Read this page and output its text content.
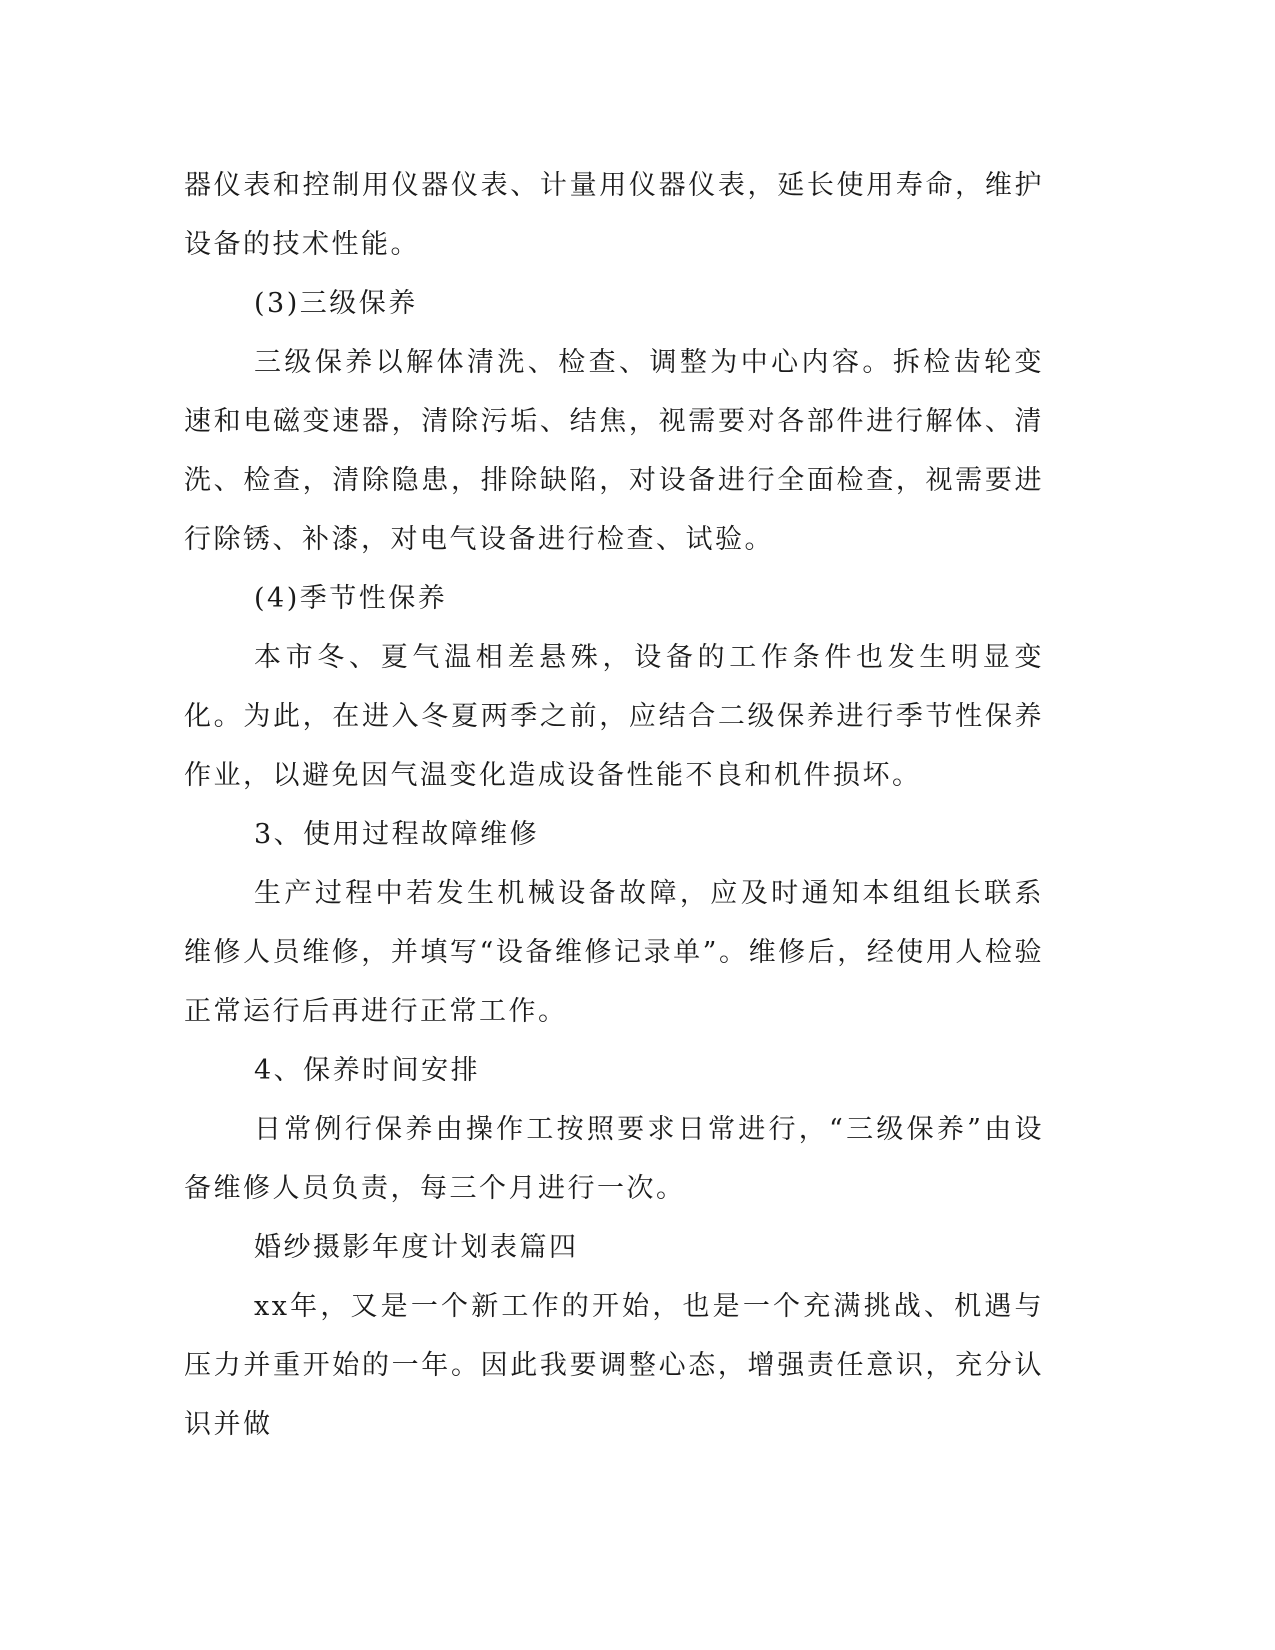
器仪表和控制用仪器仪表、计量用仪器仪表，延长使用寿命，维护设备的技术性能。

(3)三级保养

三级保养以解体清洗、检查、调整为中心内容。拆检齿轮变速和电磁变速器，清除污垢、结焦，视需要对各部件进行解体、清洗、检查，清除隐患，排除缺陷，对设备进行全面检查，视需要进行除锈、补漆，对电气设备进行检查、试验。

(4)季节性保养

本市冬、夏气温相差悬殊，设备的工作条件也发生明显变化。为此，在进入冬夏两季之前，应结合二级保养进行季节性保养作业，以避免因气温变化造成设备性能不良和机件损坏。

3、使用过程故障维修

生产过程中若发生机械设备故障，应及时通知本组组长联系维修人员维修，并填写“设备维修记录单”。维修后，经使用人检验正常运行后再进行正常工作。

4、保养时间安排

日常例行保养由操作工按照要求日常进行，“三级保养”由设备维修人员负责，每三个月进行一次。

婚纱摄影年度计划表篇四

xx年，又是一个新工作的开始，也是一个充满挑战、机遇与压力并重开始的一年。因此我要调整心态，增强责任意识，充分认识并做
